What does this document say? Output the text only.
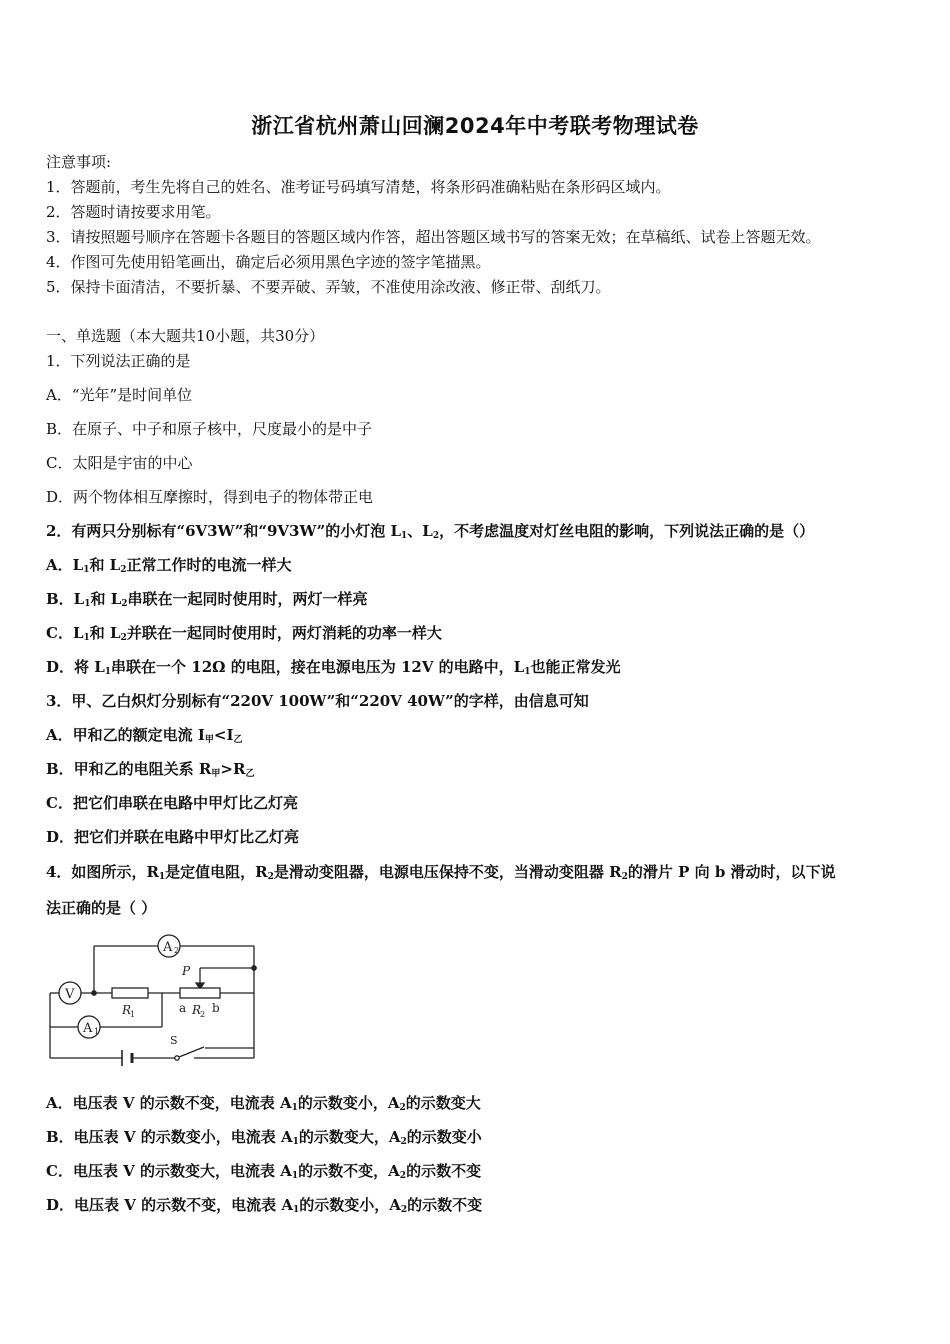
浙江省杭州萧山回澜2024年中考联考物理试卷
注意事项:
1．答题前，考生先将自己的姓名、准考证号码填写清楚，将条形码准确粘贴在条形码区域内。
2．答题时请按要求用笔。
3．请按照题号顺序在答题卡各题目的答题区域内作答，超出答题区域书写的答案无效；在草稿纸、试卷上答题无效。
4．作图可先使用铅笔画出，确定后必须用黑色字迹的签字笔描黑。
5．保持卡面清洁，不要折暴、不要弄破、弄皱，不准使用涂改液、修正带、刮纸刀。
一、单选题（本大题共10小题，共30分）
1．下列说法正确的是
A．“光年”是时间单位
B．在原子、中子和原子核中，尺度最小的是中子
C．太阳是宇宙的中心
D．两个物体相互摩擦时，得到电子的物体带正电
2．有两只分别标有“6V3W”和“9V3W”的小灯泡 $L_1$、$L_2$，不考虑温度对灯丝电阻的影响，下列说法正确的是（）
A．$L_1$和 $L_2$正常工作时的电流一样大
B．$L_1$和 $L_2$串联在一起同时使用时，两灯一样亮
C．$L_1$和 $L_2$并联在一起同时使用时，两灯消耗的功率一样大
D．将 $L_1$串联在一个 12Ω 的电阻，接在电源电压为 12V 的电路中，$L_1$也能正常发光
3．甲、乙白炽灯分别标有“220V 100W”和“220V 40W”的字样，由信息可知
A．甲和乙的额定电流 $I_甲<I_乙$
B．甲和乙的电阻关系 $R_甲>R_乙$
C．把它们串联在电路中甲灯比乙灯亮
D．把它们并联在电路中甲灯比乙灯亮
4．如图所示，$R_1$是定值电阻，$R_2$是滑动变阻器，电源电压保持不变，当滑动变阻器 $R_2$的滑片 P 向 b 滑动时，以下说
法正确的是（ ）
A 2
V
A 1
R
1	a R
2 b
P
S
A．电压表 V 的示数不变，电流表 $A_1$的示数变小，$A_2$的示数变大
B．电压表 V 的示数变小，电流表 $A_1$的示数变大，$A_2$的示数变小
C．电压表 V 的示数变大，电流表 $A_1$的示数不变，$A_2$的示数不变
D．电压表 V 的示数不变，电流表 $A_1$的示数变小，$A_2$的示数不变
